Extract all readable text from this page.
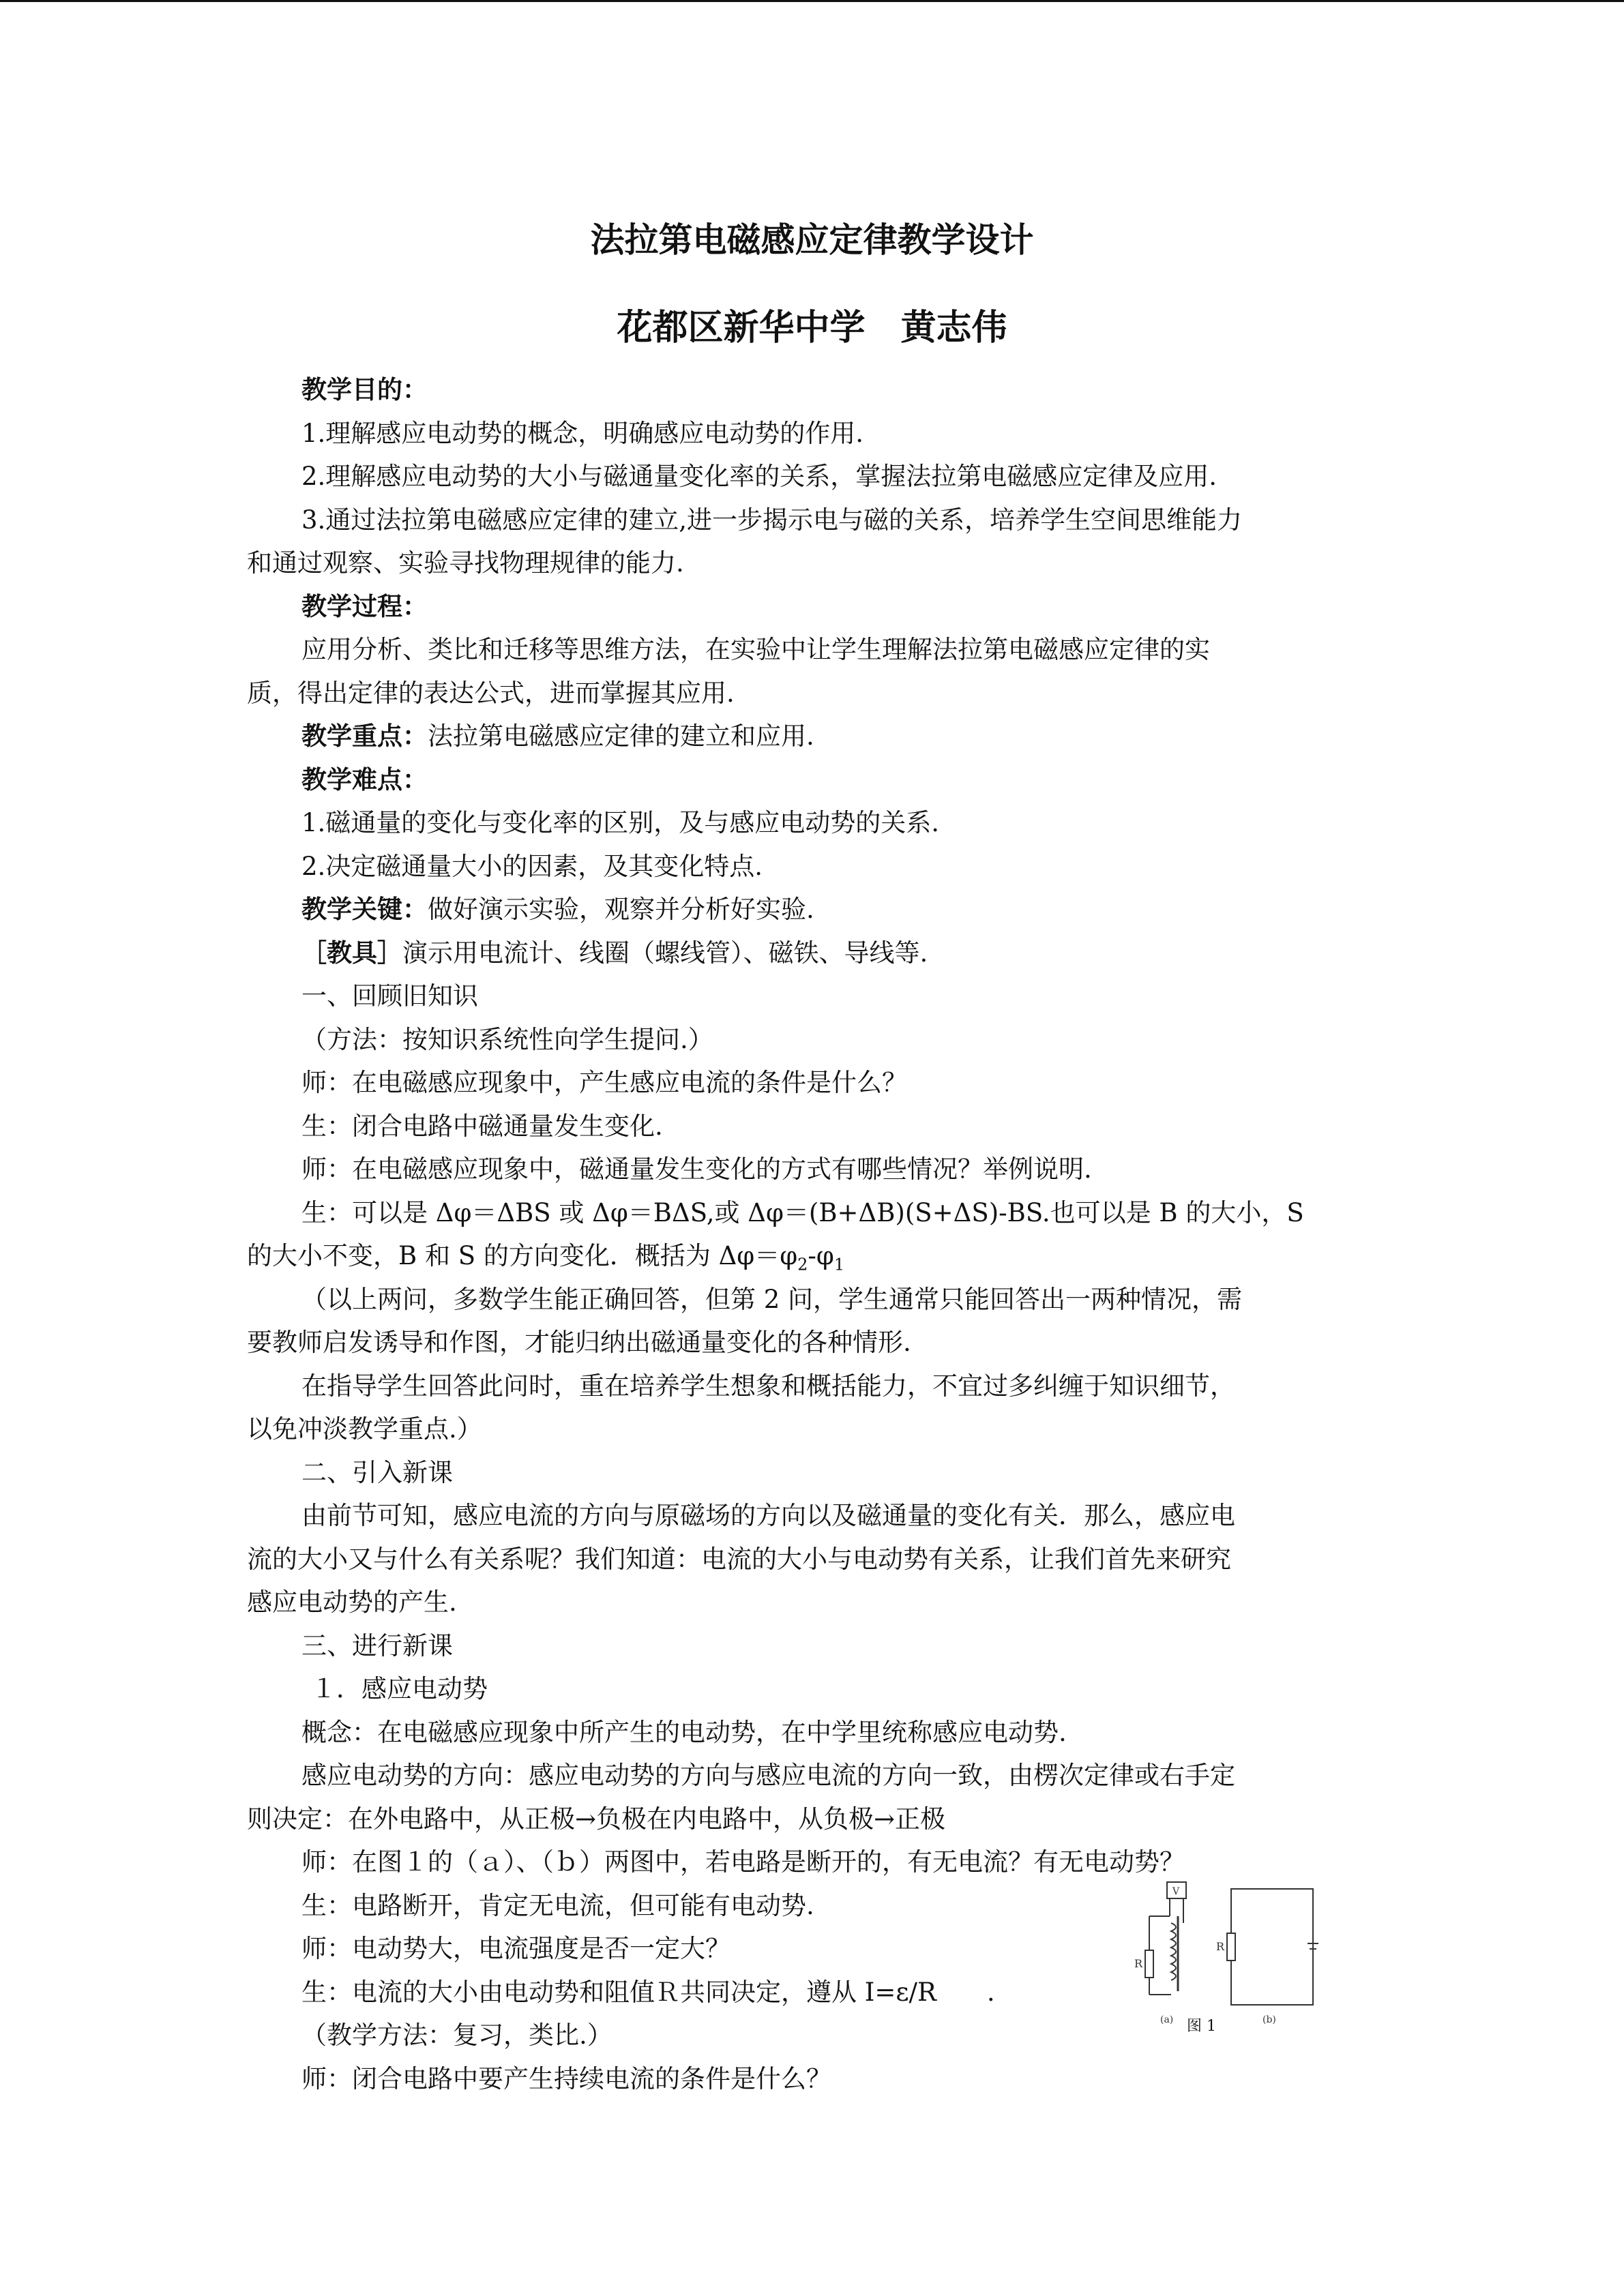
法拉第电磁感应定律教学设计
花都区新华中学　黄志伟
教学目的：
1.理解感应电动势的概念，明确感应电动势的作用.
2.理解感应电动势的大小与磁通量变化率的关系，掌握法拉第电磁感应定律及应用.
3.通过法拉第电磁感应定律的建立,进一步揭示电与磁的关系，培养学生空间思维能力
和通过观察、实验寻找物理规律的能力.
教学过程：
应用分析、类比和迁移等思维方法，在实验中让学生理解法拉第电磁感应定律的实
质，得出定律的表达公式，进而掌握其应用.
教学重点：法拉第电磁感应定律的建立和应用.
教学难点：
1.磁通量的变化与变化率的区别，及与感应电动势的关系.
2.决定磁通量大小的因素，及其变化特点.
教学关键：做好演示实验，观察并分析好实验.
［教具］演示用电流计、线圈（螺线管）、磁铁、导线等.
一、回顾旧知识
（方法：按知识系统性向学生提问.）
师：在电磁感应现象中，产生感应电流的条件是什么？
生：闭合电路中磁通量发生变化.
师：在电磁感应现象中，磁通量发生变化的方式有哪些情况？举例说明.
生：可以是 Δφ＝ΔBS 或 Δφ＝BΔS,或 Δφ＝(B+ΔB)(S+ΔS)-BS.也可以是 B 的大小，S
的大小不变，B 和 S 的方向变化．概括为 $\Delta\varphi=\varphi_2-\varphi_1$
（以上两问，多数学生能正确回答，但第 2 问，学生通常只能回答出一两种情况，需
要教师启发诱导和作图，才能归纳出磁通量变化的各种情形.
在指导学生回答此问时，重在培养学生想象和概括能力，不宜过多纠缠于知识细节，
以免冲淡教学重点.）
二、引入新课
由前节可知，感应电流的方向与原磁场的方向以及磁通量的变化有关．那么，感应电
流的大小又与什么有关系呢？我们知道：电流的大小与电动势有关系，让我们首先来研究
感应电动势的产生.
三、进行新课
１．感应电动势
概念：在电磁感应现象中所产生的电动势，在中学里统称感应电动势.
感应电动势的方向：感应电动势的方向与感应电流的方向一致，由楞次定律或右手定
则决定：在外电路中，从正极→负极在内电路中，从负极→正极
师：在图１的（ａ）、（ｂ）两图中，若电路是断开的，有无电流？有无电动势？
生：电路断开，肯定无电流，但可能有电动势.
师：电动势大，电流强度是否一定大？
生：电流的大小由电动势和阻值Ｒ共同决定，遵从 I=ε/R　　.
（教学方法：复习，类比.）
师：闭合电路中要产生持续电流的条件是什么？
V
R
(a)
R
(b)
图 1
